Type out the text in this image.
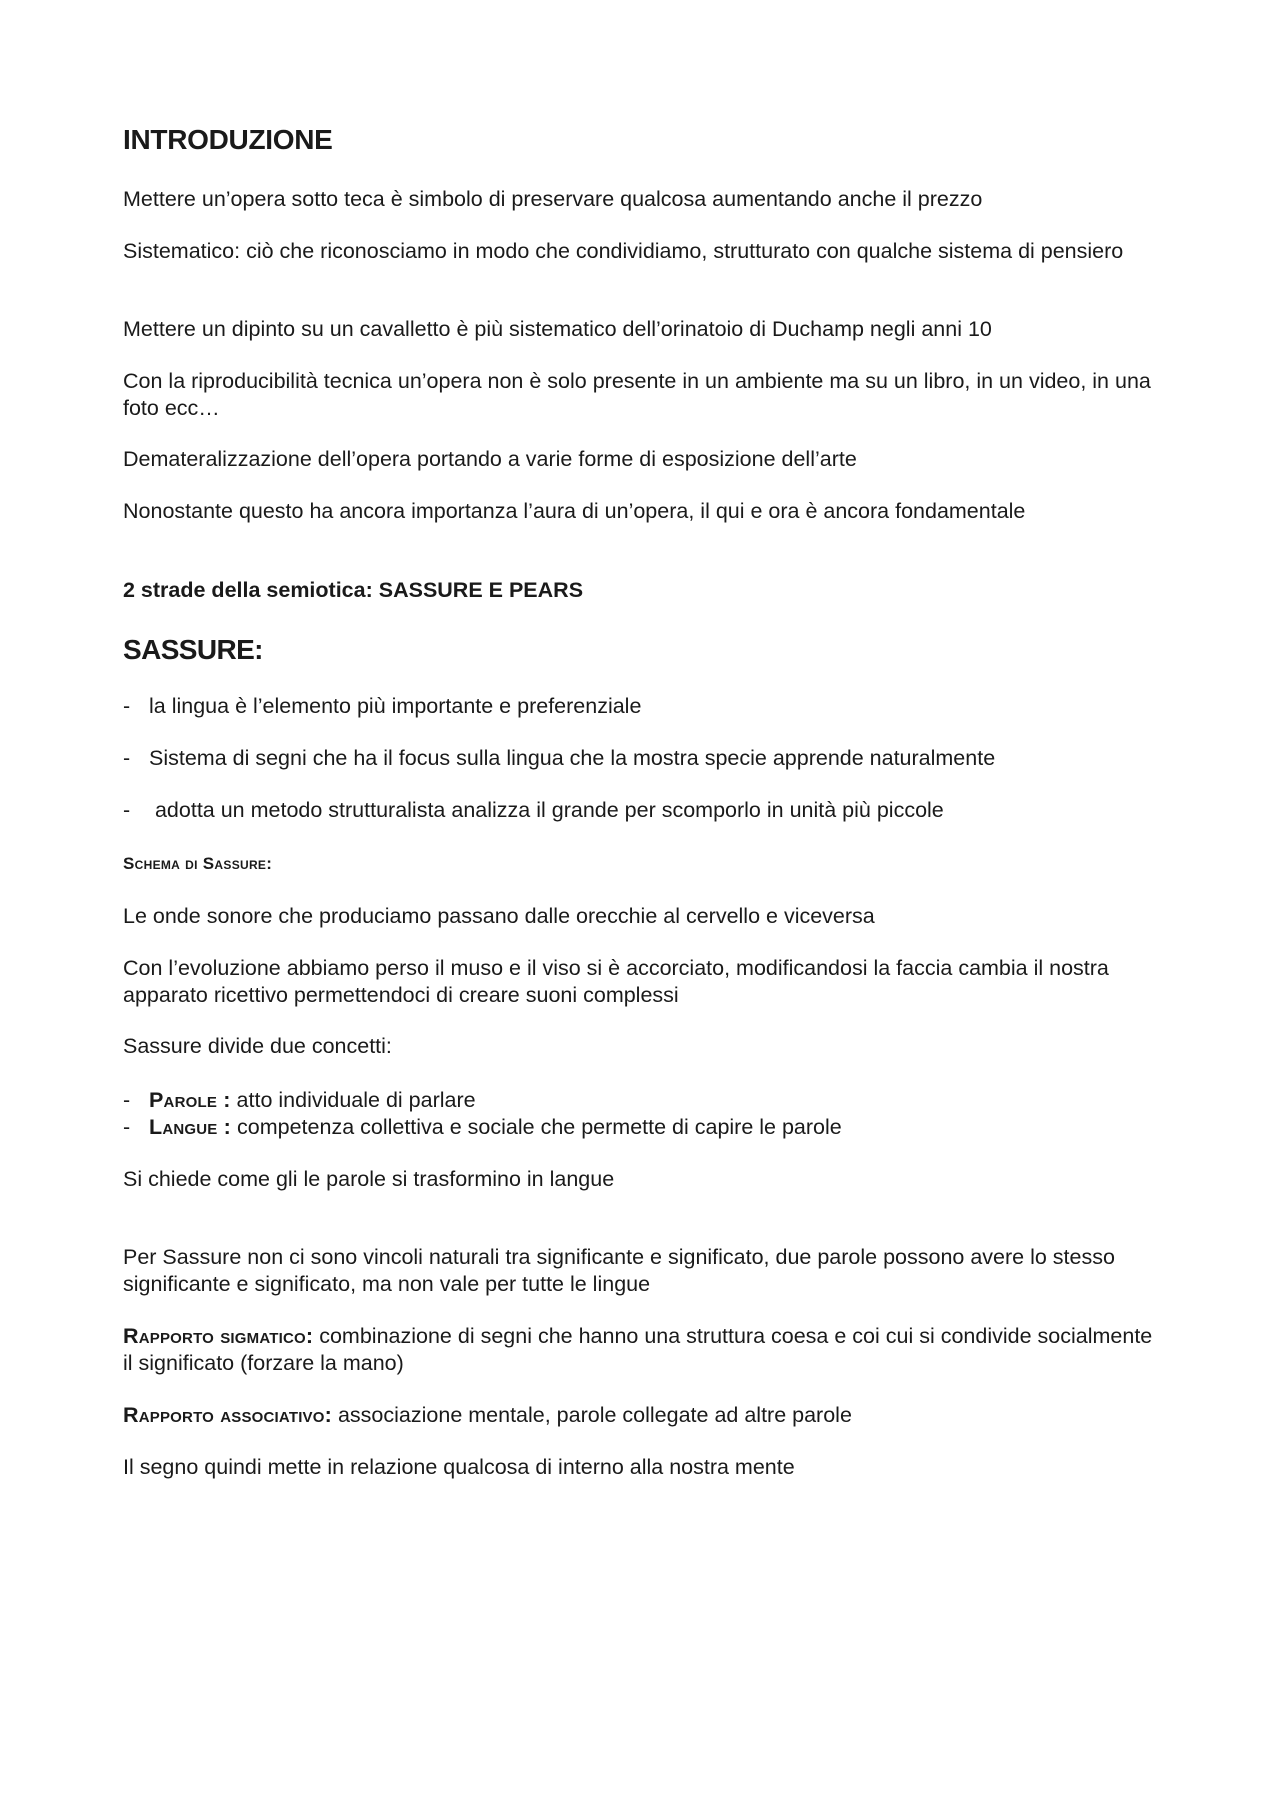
INTRODUZIONE

Mettere un’opera sotto teca è simbolo di preservare qualcosa aumentando anche il prezzo

Sistematico: ciò che riconosciamo in modo che condividiamo, strutturato con qualche sistema di pensiero

Mettere un dipinto su un cavalletto è più sistematico dell’orinatoio di Duchamp negli anni 10

Con la riproducibilità tecnica un’opera non è solo presente in un ambiente ma su un libro, in un video, in una foto ecc…

Demateralizzazione dell’opera portando a varie forme di esposizione dell’arte

Nonostante questo ha ancora importanza l’aura di un’opera, il qui e ora è ancora fondamentale

2 strade della semiotica: SASSURE E PEARS
SASSURE:

- la lingua è l’elemento più importante e preferenziale

- Sistema di segni che ha il focus sulla lingua che la mostra specie apprende naturalmente

- adotta un metodo strutturalista analizza il grande per scomporlo in unità più piccole

Schema di Sassure:

Le onde sonore che produciamo passano dalle orecchie al cervello e viceversa

Con l’evoluzione abbiamo perso il muso e il viso si è accorciato, modificandosi la faccia cambia il nostra apparato ricettivo permettendoci di creare suoni complessi

Sassure divide due concetti:

- Parole : atto individuale di parlare

- Langue : competenza collettiva e sociale che permette di capire le parole

Si chiede come gli le parole si trasformino in langue

Per Sassure non ci sono vincoli naturali tra significante e significato, due parole possono avere lo stesso significante e significato, ma non vale per tutte le lingue

Rapporto sigmatico: combinazione di segni che hanno una struttura coesa e coi cui si condivide socialmente il significato (forzare la mano)

Rapporto associativo: associazione mentale, parole collegate ad altre parole

Il segno quindi mette in relazione qualcosa di interno alla nostra mente
